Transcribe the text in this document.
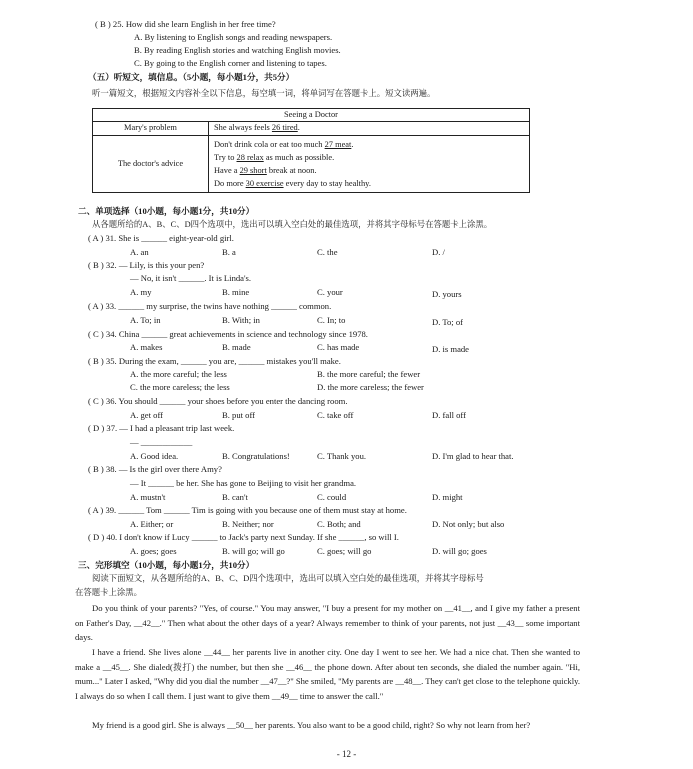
( B ) 25. How did she learn English in her free time?
A. By listening to English songs and reading newspapers.
B. By reading English stories and watching English movies.
C. By going to the English corner and listening to tapes.
（五）听短文，填信息。（5小题，每小题1分，共5分）
听一篇短文，根据短文内容补全以下信息，每空填一词，将单词写在答题卡上。短文读两遍。
Seeing a Doctor	
Mary's problem	She always feels 26 tired.
The doctor's advice	Don't drink cola or eat too much 27 meat.
Try to 28 relax as much as possible.
Have a 29 short break at noon.
Do more 30 exercise every day to stay healthy.
二、单项选择（10小题，每小题1分，共10分）
从各题所给的A、B、C、D四个选项中，选出可以填入空白处的最佳选项，并将其字母标号在答题卡上涂黑。
( A ) 31. She is ______ eight-year-old girl.
A. an	B. a	C. the	D. /
( B ) 32. — Lily, is this your pen?
— No, it isn't ______. It is Linda's.
A. my	B. mine	C. your	D. yours
( A ) 33. ______ my surprise, the twins have nothing ______ common.
A. To; in	B. With; in	C. In; to	D. To; of
( C ) 34. China ______ great achievements in science and technology since 1978.
A. makes	B. made	C. has made	D. is made
( B ) 35. During the exam, ______ you are, ______ mistakes you'll make.
A. the more careful; the less	B. the more careful; the fewer
C. the more careless; the less	D. the more careless; the fewer
( C ) 36. You should ______ your shoes before you enter the dancing room.
A. get off	B. put off	C. take off	D. fall off
( D ) 37. — I had a pleasant trip last week.
— ____________
A. Good idea.	B. Congratulations!	C. Thank you.	D. I'm glad to hear that.
( B ) 38. — Is the girl over there Amy?
— It ______ be her. She has gone to Beijing to visit her grandma.
A. mustn't	B. can't	C. could	D. might
( A ) 39. ______ Tom ______ Tim is going with you because one of them must stay at home.
A. Either; or	B. Neither; nor	C. Both; and	D. Not only; but also
( D ) 40. I don't know if Lucy ______ to Jack's party next Sunday. If she ______, so will I.
A. goes; goes	B. will go; will go	C. goes; will go	D. will go; goes
三、完形填空（10小题，每小题1分，共10分）
阅读下面短文，从各题所给的A、B、C、D四个选项中，选出可以填入空白处的最佳选项，并将其字母标号
在答题卡上涂黑。
Do you think of your parents? "Yes, of course." You may answer, "I buy a present for my mother on __41__, and I give my father a present on Father's Day, __42__." Then what about the other days of a year? Always remember to think of your parents, not just __43__ some important days.
I have a friend. She lives alone __44__ her parents live in another city. One day I went to see her. We had a nice chat. Then she wanted to make a __45__. She dialed(拨打) the number, but then she __46__ the phone down. After about ten seconds, she dialed the number again. "Hi, mum..." Later I asked, "Why did you dial the number __47__?" She smiled, "My parents are __48__. They can't get close to the telephone quickly. I always do so when I call them. I just want to give them __49__ time to answer the call."
My friend is a good girl. She is always __50__ her parents. You also want to be a good child, right? So why not learn from her?
- 12 -
